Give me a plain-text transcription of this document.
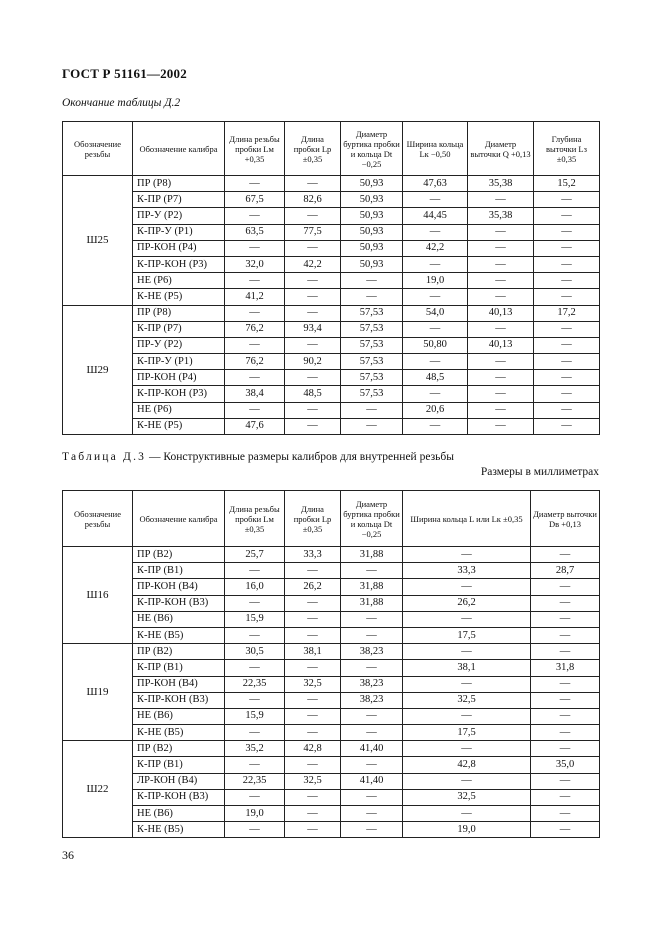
ГОСТ Р 51161—2002
Окончание таблицы Д.2
Обозначение резьбы	Обозначение калибра	Длина резьбы пробки Lм +0,35	Длина пробки Lр ±0,35	Диаметр буртика пробки и кольца Dt −0,25	Ширина кольца Lк −0,50	Диаметр выточки Q +0,13	Глубина выточки Lз ±0,35
Ш25	ПР (Р8)	—	—	50,93	47,63	35,38	15,2
	К-ПР (Р7)	67,5	82,6	50,93	—	—	—
	ПР-У (Р2)	—	—	50,93	44,45	35,38	—
	К-ПР-У (Р1)	63,5	77,5	50,93	—	—	—
	ПР-КОН (Р4)	—	—	50,93	42,2	—	—
	К-ПР-КОН (Р3)	32,0	42,2	50,93	—	—	—
	НЕ (Р6)	—	—	—	19,0	—	—
	К-НЕ (Р5)	41,2	—	—	—	—	—
Ш29	ПР (Р8)	—	—	57,53	54,0	40,13	17,2
	К-ПР (Р7)	76,2	93,4	57,53	—	—	—
	ПР-У (Р2)	—	—	57,53	50,80	40,13	—
	К-ПР-У (Р1)	76,2	90,2	57,53	—	—	—
	ПР-КОН (Р4)	—	—	57,53	48,5	—	—
	К-ПР-КОН (Р3)	38,4	48,5	57,53	—	—	—
	НЕ (Р6)	—	—	—	20,6	—	—
	К-НЕ (Р5)	47,6	—	—	—	—	—
Таблица Д.3 — Конструктивные размеры калибров для внутренней резьбы
Размеры в миллиметрах
Обозначение резьбы	Обозначение калибра	Длина резьбы пробки Lм ±0,35	Длина пробки Lр ±0,35	Диаметр буртика пробки и кольца Dt −0,25	Ширина кольца L или Lк ±0,35	Диаметр выточки Dв +0,13
Ш16	ПР (В2)	25,7	33,3	31,88	—	—
	К-ПР (В1)	—	—	—	33,3	28,7
	ПР-КОН (В4)	16,0	26,2	31,88	—	—
	К-ПР-КОН (В3)	—	—	31,88	26,2	—
	НЕ (В6)	15,9	—	—	—	—
	К-НЕ (В5)	—	—	—	17,5	—
Ш19	ПР (В2)	30,5	38,1	38,23	—	—
	К-ПР (В1)	—	—	—	38,1	31,8
	ПР-КОН (В4)	22,35	32,5	38,23	—	—
	К-ПР-КОН (В3)	—	—	38,23	32,5	—
	НЕ (В6)	15,9	—	—	—	—
	К-НЕ (В5)	—	—	—	17,5	—
Ш22	ПР (В2)	35,2	42,8	41,40	—	—
	К-ПР (В1)	—	—	—	42,8	35,0
	ЛР-КОН (В4)	22,35	32,5	41,40	—	—
	К-ПР-КОН (В3)	—	—	—	32,5	—
	НЕ (В6)	19,0	—	—	—	—
	К-НЕ (В5)	—	—	—	19,0	—
36
